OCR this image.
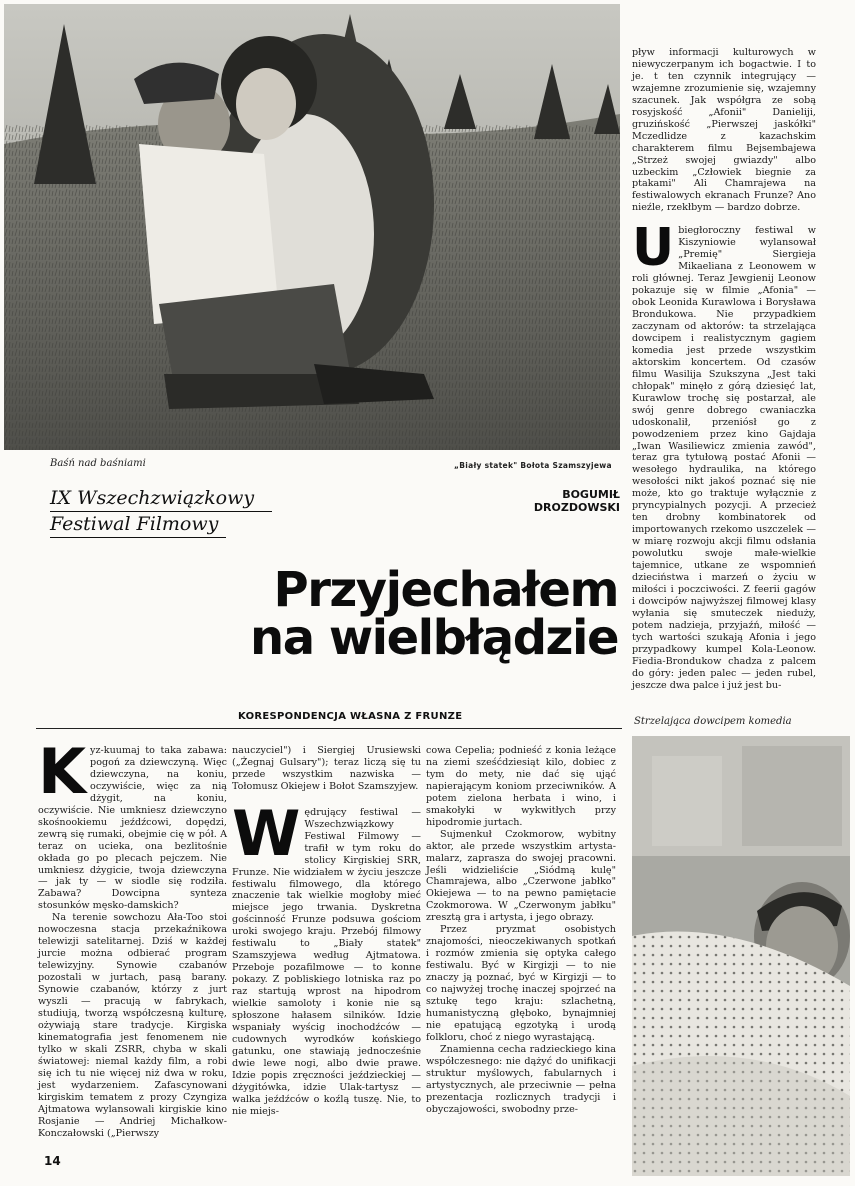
Baśń nad baśniami	„Biały statek" Bołota Szamszyjewa
IX Wszechzwiązkowy
Festiwal Filmowy
BOGUMIŁ
DROZDOWSKI
Przyjechałem
na wielbłądzie
KORESPONDENCJA WŁASNA Z FRUNZE

pływ informacji kulturowych w niewyczerpanym ich bogactwie. I to je. t ten czynnik integrujący — wzajemne zrozumienie się, wzajemny szacunek. Jak współgra ze sobą rosyjskość „Afonii" Danieliji, gruzińskość „Pierwszej jaskółki" Mczedlidze z kazachskim charakterem filmu Bejsembajewa „Strzeż swojej gwiazdy" albo uzbeckim „Człowiek biegnie za ptakami" Ali Chamrajewa na festiwalowych ekranach Frunze? Ano nieźle, rzekłbym — bardzo dobrze.

U biegłoroczny festiwal w Kiszyniowie wylansował „Premię" Siergieja Mikaeliana z Leonowem w roli głównej. Teraz Jewgienij Leonow pokazuje się w filmie „Afonia" — obok Leonida Kurawlowa i Borysława Brondukowa. Nie przypadkiem zaczynam od aktorów: ta strzelająca dowcipem i realistycznym gagiem komedia jest przede wszystkim aktorskim koncertem. Od czasów filmu Wasilija Szukszyna „Jest taki chłopak" minęło z górą dziesięć lat, Kurawlow trochę się postarzał, ale swój genre dobrego cwaniaczka udoskonalił, przeniósł go z powodzeniem przez kino Gajdaja „Iwan Wasiliewicz zmienia zawód", teraz gra tytułową postać Afonii — wesołego hydraulika, na którego wesołości nikt jakoś poznać się nie może, kto go traktuje wyłącznie z pryncypialnych pozycji. A przecież ten drobny kombinatorek od importowanych rzekomo uszczelek — w miarę rozwoju akcji filmu odsłania powolutku swoje małe-wielkie tajemnice, utkane ze wspomnień dzieciństwa i marzeń o życiu w miłości i poczciwości. Z feerii gagów i dowcipów najwyższej filmowej klasy wyłania się smuteczek nieduży, potem nadzieja, przyjaźń, miłość — tych wartości szukają Afonia i jego przypadkowy kumpel Kola-Leonow. Fiedia-Brondukow chadza z palcem do góry: jeden palec — jeden rubel, jeszcze dwa palce i już jest bu-

Strzelająca dowcipem komedia
K yz-kuumaj to taka zabawa: pogoń za dziewczyną. Więc dziewczyna, na koniu, oczywiście, więc za nią dżygit, na koniu, oczywiście. Nie umkniesz dziewczyno skośnookiemu jeźdźcowi, dopędzi, zewrą się rumaki, obejmie cię w pół. A teraz on ucieka, ona bezlitośnie okłada go po plecach pejczem. Nie umkniesz dżygicie, twoja dziewczyna — jak ty — w siodle się rodziła. Zabawa? Dowcipna synteza stosunków męsko-damskich?

Na terenie sowchozu Ała-Too stoi nowoczesna stacja przekaźnikowa telewizji satelitarnej. Dziś w każdej jurcie można odbierać program telewizyjny. Synowie czabanów pozostali w jurtach, pasą barany. Synowie czabanów, którzy z jurt wyszli — pracują w fabrykach, studiują, tworzą współczesną kulturę, ożywiają stare tradycje. Kirgiska kinematografia jest fenomenem nie tylko w skali ZSRR, chyba w skali światowej: niemal każdy film, a robi się ich tu nie więcej niż dwa w roku, jest wydarzeniem. Zafascynowani kirgiskim tematem z prozy Czyngiza Ajtmatowa wylansowali kirgiskie kino Rosjanie — Andriej Michałkow-Konczałowski („Pierwszy

nauczyciel") i Siergiej Urusiewski („Żegnaj Gulsary"); teraz liczą się tu przede wszystkim nazwiska — Tołomusz Okiejew i Bołot Szamszyjew.

W ędrujący festiwal — Wszechzwiązkowy Festiwal Filmowy — trafił w tym roku do stolicy Kirgiskiej SRR, Frunze. Nie widziałem w życiu jeszcze festiwalu filmowego, dla którego znaczenie tak wielkie mogłoby mieć miejsce jego trwania. Dyskretna gościnność Frunze podsuwa gościom uroki swojego kraju. Przebój filmowy festiwalu to „Biały statek" Szamszyjewa według Ajtmatowa. Przeboje pozafilmowe — to konne pokazy. Z pobliskiego lotniska raz po raz startują wprost na hipodrom wielkie samoloty i konie nie są spłoszone hałasem silników. Idzie wspaniały wyścig inochodźców — cudownych wyrodków końskiego gatunku, one stawiają jednocześnie dwie lewe nogi, albo dwie prawe. Idzie popis zręczności jeździeckiej — dżygitówka, idzie Ulak-tartysz — walka jeźdźców o koźlą tuszę. Nie, to nie miejs-

cowa Cepelia; podnieść z konia leżące na ziemi sześćdziesiąt kilo, dobiec z tym do mety, nie dać się ująć napierającym koniom przeciwników. A potem zielona herbata i wino, i smakołyki w wykwitłych przy hipodromie jurtach.

Sujmenkuł Czokmorow, wybitny aktor, ale przede wszystkim artysta-malarz, zaprasza do swojej pracowni. Jeśli widzieliście „Siódmą kulę" Chamrajewa, albo „Czerwone jabłko" Okiejewa — to na pewno pamiętacie Czokmorowa. W „Czerwonym jabłku" zresztą gra i artysta, i jego obrazy.

Przez pryzmat osobistych znajomości, nieoczekiwanych spotkań i rozmów zmienia się optyka całego festiwalu. Być w Kirgizji — to nie znaczy ją poznać, być w Kirgizji — to co najwyżej trochę inaczej spojrzeć na sztukę tego kraju: szlachetną, humanistyczną głęboko, bynajmniej nie epatującą egzotyką i urodą folkloru, choć z niego wyrastającą.

Znamienna cecha radzieckiego kina współczesnego: nie dążyć do unifikacji struktur myślowych, fabularnych i artystycznych, ale przeciwnie — pełna prezentacja rozlicznych tradycji i obyczajowości, swobodny prze-

14
